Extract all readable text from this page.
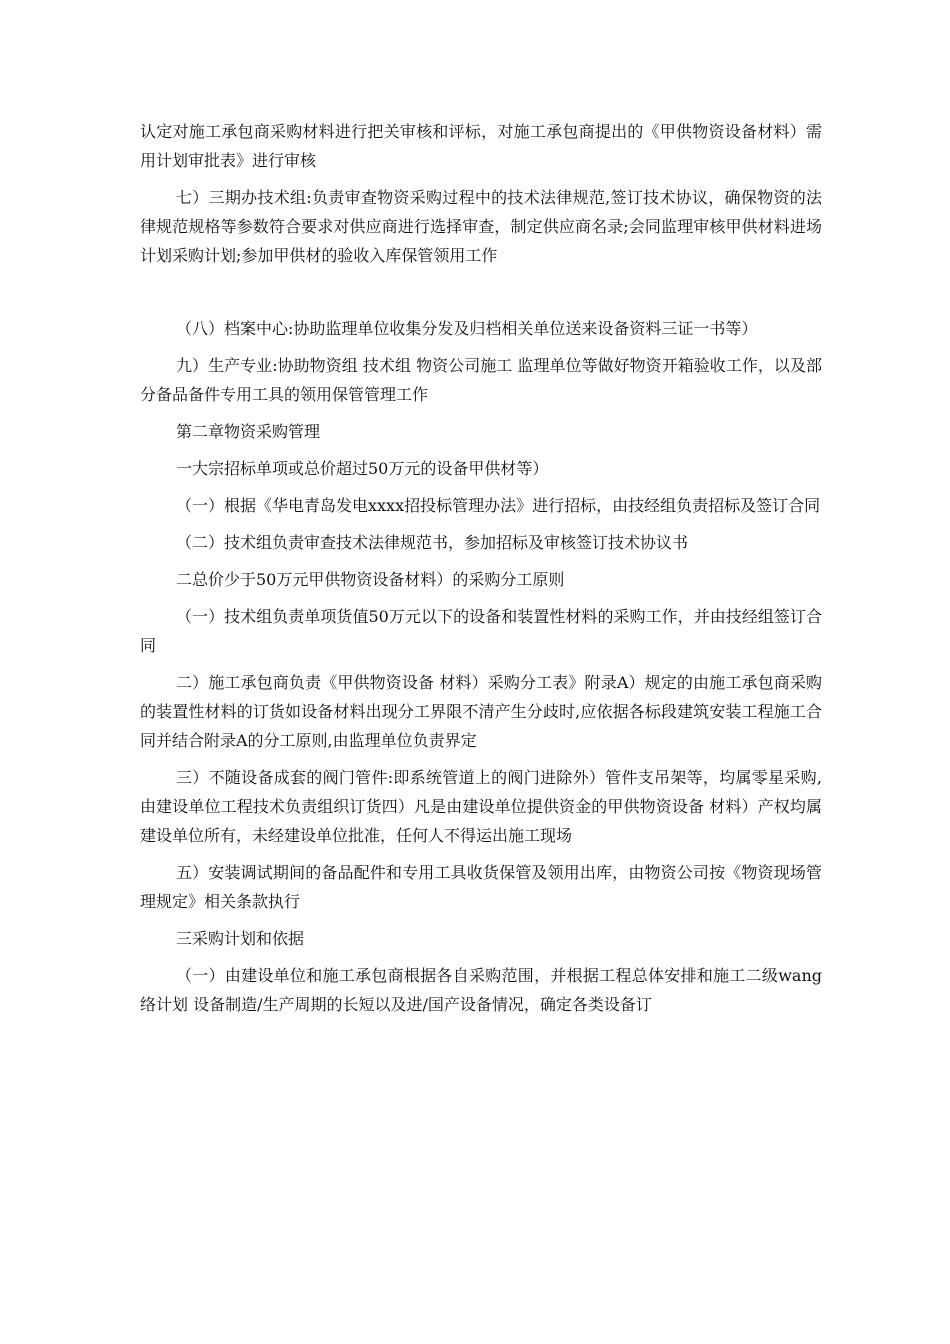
认定对施工承包商采购材料进行把关审核和评标，对施工承包商提出的《甲供物资设备材料）需用计划审批表》进行审核

七）三期办技术组:负责审查物资采购过程中的技术法律规范,签订技术协议，确保物资的法律规范规格等参数符合要求对供应商进行选择审查，制定供应商名录;会同监理审核甲供材料进场计划采购计划;参加甲供材的验收入库保管领用工作

（八）档案中心:协助监理单位收集分发及归档相关单位送来设备资料三证一书等）

九）生产专业:协助物资组 技术组 物资公司施工 监理单位等做好物资开箱验收工作，以及部分备品备件专用工具的领用保管管理工作

第二章物资采购管理

一大宗招标单项或总价超过50万元的设备甲供材等）

（一）根据《华电青岛发电xxxx招投标管理办法》进行招标，由技经组负责招标及签订合同

（二）技术组负责审查技术法律规范书，参加招标及审核签订技术协议书

二总价少于50万元甲供物资设备材料）的采购分工原则

（一）技术组负责单项货值50万元以下的设备和装置性材料的采购工作，并由技经组签订合同

二）施工承包商负责《甲供物资设备 材料）采购分工表》附录A）规定的由施工承包商采购的装置性材料的订货如设备材料出现分工界限不清产生分歧时,应依据各标段建筑安装工程施工合同并结合附录A的分工原则,由监理单位负责界定

三）不随设备成套的阀门管件:即系统管道上的阀门进除外）管件支吊架等，均属零星采购,由建设单位工程技术负责组织订货四）凡是由建设单位提供资金的甲供物资设备 材料）产权均属建设单位所有，未经建设单位批准，任何人不得运出施工现场

五）安装调试期间的备品配件和专用工具收货保管及领用出库，由物资公司按《物资现场管理规定》相关条款执行

三采购计划和依据

（一）由建设单位和施工承包商根据各自采购范围，并根据工程总体安排和施工二级wang络计划 设备制造/生产周期的长短以及进/国产设备情况，确定各类设备订
